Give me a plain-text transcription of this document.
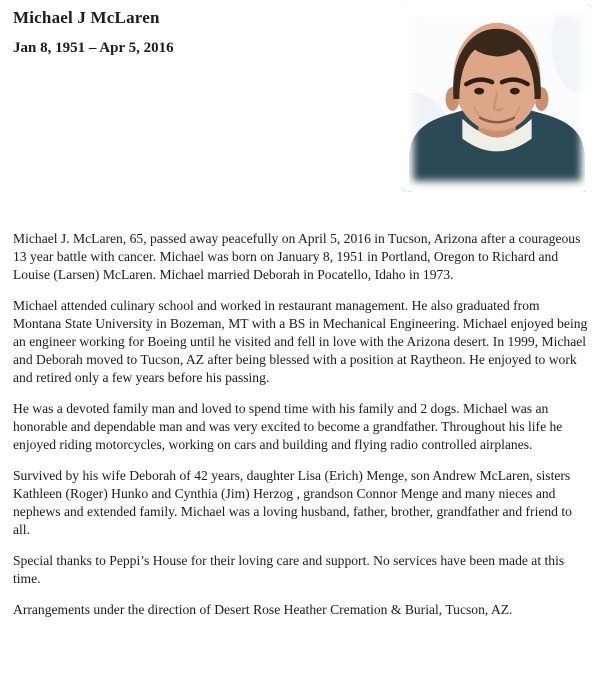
Michael J McLaren
Jan 8, 1951 – Apr 5, 2016

Michael J. McLaren, 65, passed away peacefully on April 5, 2016 in Tucson, Arizona after a courageous 13 year battle with cancer. Michael was born on January 8, 1951 in Portland, Oregon to Richard and Louise (Larsen) McLaren. Michael married Deborah in Pocatello, Idaho in 1973.

Michael attended culinary school and worked in restaurant management. He also graduated from Montana State University in Bozeman, MT with a BS in Mechanical Engineering. Michael enjoyed being an engineer working for Boeing until he visited and fell in love with the Arizona desert. In 1999, Michael and Deborah moved to Tucson, AZ after being blessed with a position at Raytheon. He enjoyed to work and retired only a few years before his passing.

He was a devoted family man and loved to spend time with his family and 2 dogs. Michael was an honorable and dependable man and was very excited to become a grandfather. Throughout his life he enjoyed riding motorcycles, working on cars and building and flying radio controlled airplanes.

Survived by his wife Deborah of 42 years, daughter Lisa (Erich) Menge, son Andrew McLaren, sisters Kathleen (Roger) Hunko and Cynthia (Jim) Herzog , grandson Connor Menge and many nieces and nephews and extended family. Michael was a loving husband, father, brother, grandfather and friend to all.

Special thanks to Peppi’s House for their loving care and support. No services have been made at this time.

Arrangements under the direction of Desert Rose Heather Cremation & Burial, Tucson, AZ.
